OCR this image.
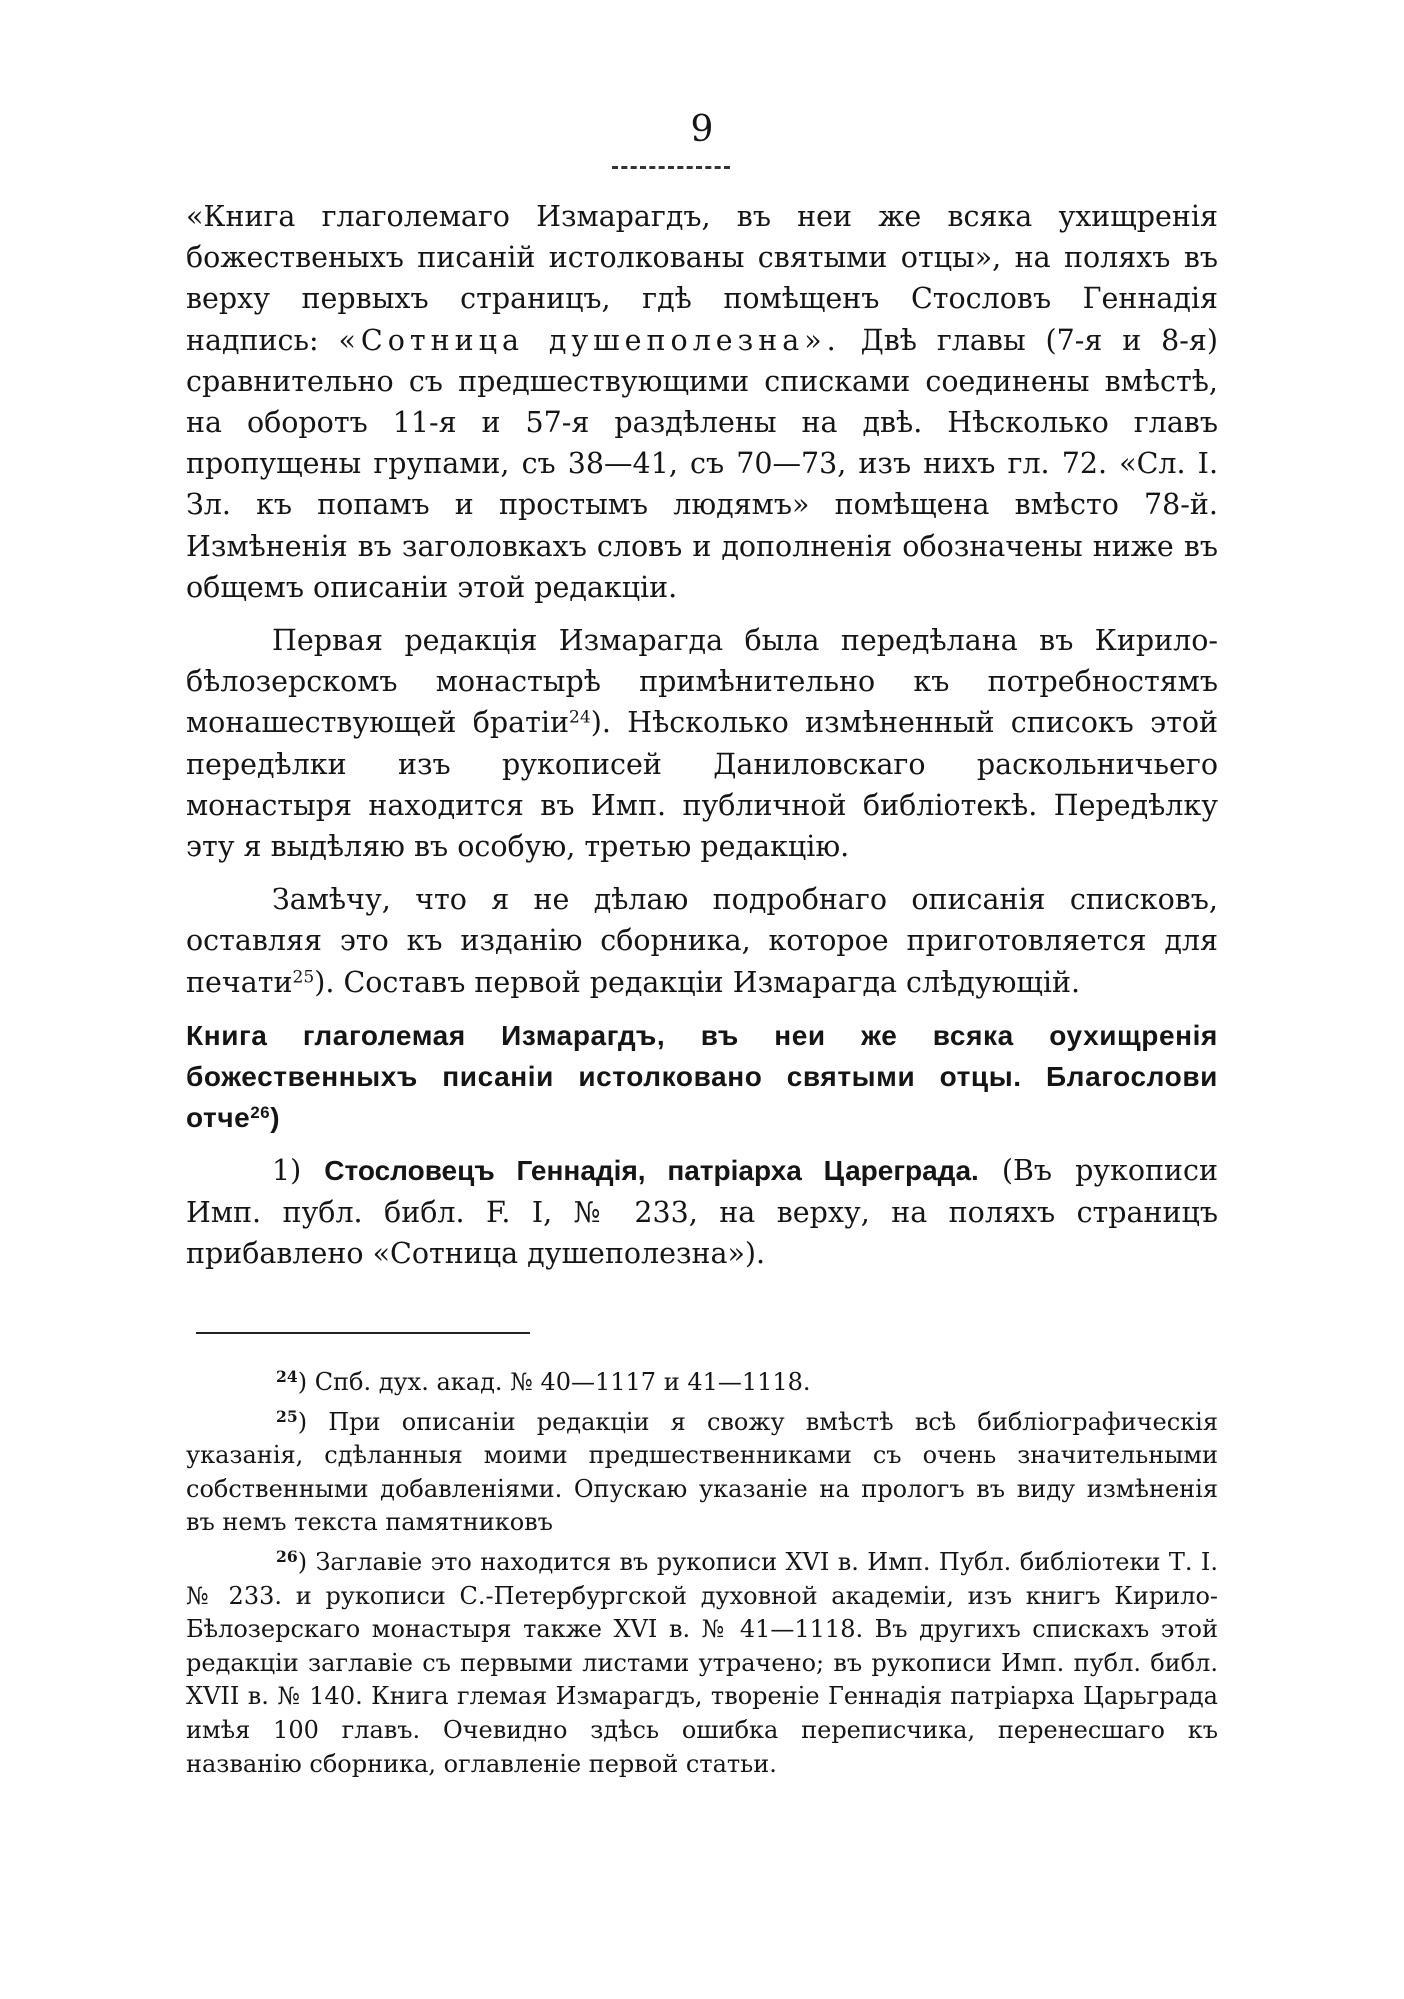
9

«Книга глаголемаго Измарагдъ, въ неи же всяка ухищренія божественыхъ писаній истолкованы святыми отцы», на поляхъ въ верху первыхъ страницъ, гдѣ помѣщенъ Стословъ Геннадія надпись: «Сотница душеполезна». Двѣ главы (7-я и 8-я) сравнительно съ предшествующими списками соединены вмѣстѣ, на оборотъ 11-я и 57-я раздѣлены на двѣ. Нѣсколько главъ пропущены групами, съ 38—41, съ 70—73, изъ нихъ гл. 72. «Сл. I. Зл. къ попамъ и простымъ людямъ» помѣщена вмѣсто 78-й. Измѣненія въ заголовкахъ словъ и дополненія обозначены ниже въ общемъ описаніи этой редакціи.

Первая редакція Измарагда была передѣлана въ Кирило-бѣлозерскомъ монастырѣ примѣнительно къ потребностямъ монашествующей братіи$^{24}$). Нѣсколько измѣненный списокъ этой передѣлки изъ рукописей Даниловскаго раскольничьего монастыря находится въ Имп. публичной библіотекѣ. Передѣлку эту я выдѣляю въ особую, третью редакцію.

Замѣчу, что я не дѣлаю подробнаго описанія списковъ, оставляя это къ изданію сборника, которое приготовляется для печати$^{25}$). Составъ первой редакціи Измарагда слѣдующій.

Книга глаголемая Измарагдъ, въ неи же всяка оухищренія божественныхъ писаніи истолковано святыми отцы. Благослови отче$^{26}$)

1) Стословецъ Геннадія, патріарха Цареграда. (Въ рукописи Имп. публ. библ. F. I, № 233, на верху, на поляхъ страницъ прибавлено «Сотница душеполезна»).

$^{24}$) Спб. дух. акад. № 40—1117 и 41—1118.

$^{25}$) При описаніи редакціи я свожу вмѣстѣ всѣ библіографическія указанія, сдѣланныя моими предшественниками съ очень значительными собственными добавленіями. Опускаю указаніе на прологъ въ виду измѣненія въ немъ текста памятниковъ

$^{26}$) Заглавіе это находится въ рукописи XVI в. Имп. Публ. библіотеки Т. I. № 233. и рукописи С.-Петербургской духовной академіи, изъ книгъ Кирило-Бѣлозерскаго монастыря также XVI в. № 41—1118. Въ другихъ спискахъ этой редакціи заглавіе съ первыми листами утрачено; въ рукописи Имп. публ. библ. XVII в. № 140. Книга глемая Измарагдъ, твореніе Геннадія патріарха Царьграда имѣя 100 главъ. Очевидно здѣсь ошибка переписчика, перенесшаго къ названію сборника, оглавленіе первой статьи.
